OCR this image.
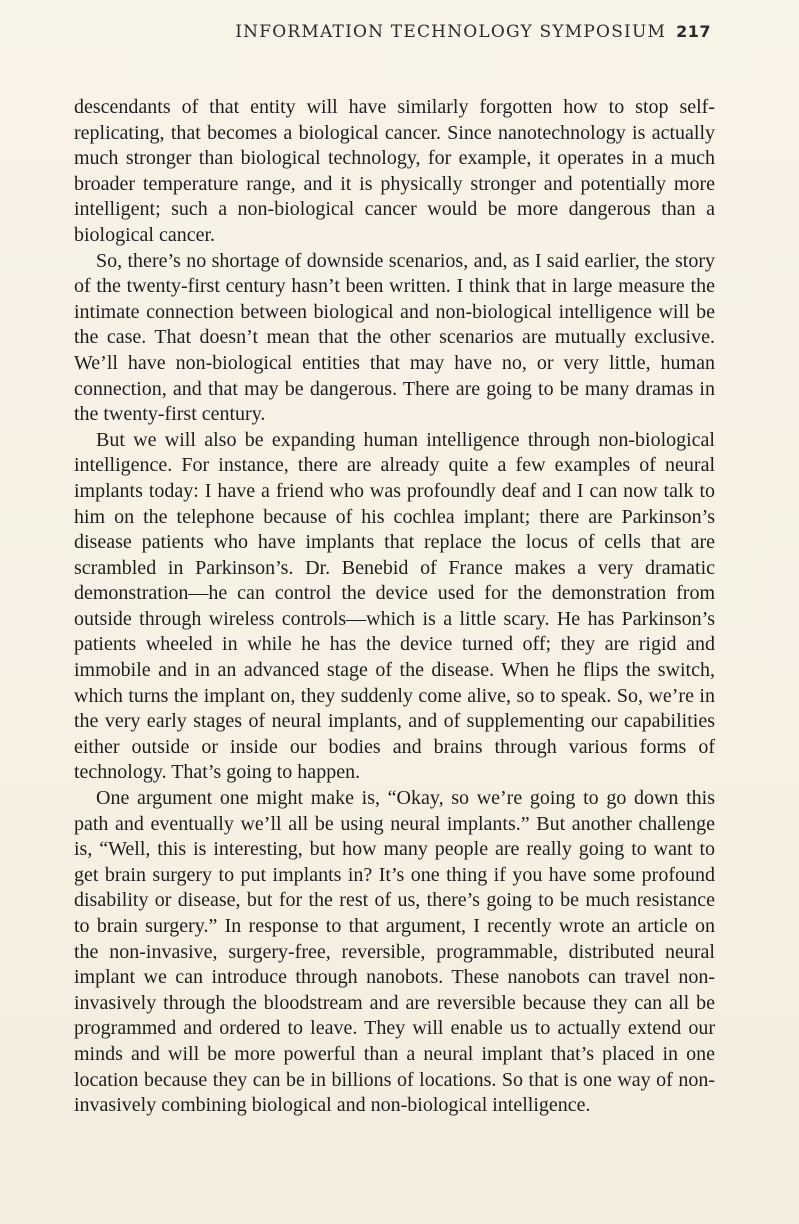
INFORMATION TECHNOLOGY SYMPOSIUM 217

descendants of that entity will have similarly forgotten how to stop self-replicating, that becomes a biological cancer. Since nanotechnology is actually much stronger than biological technology, for example, it operates in a much broader temperature range, and it is physically stronger and potentially more intelligent; such a non-biological cancer would be more dangerous than a biological cancer.

So, there’s no shortage of downside scenarios, and, as I said earlier, the story of the twenty-first century hasn’t been written. I think that in large measure the intimate connection between biological and non-biological intelligence will be the case. That doesn’t mean that the other scenarios are mutually exclusive. We’ll have non-biological entities that may have no, or very little, human connection, and that may be dangerous. There are going to be many dramas in the twenty-first century.

But we will also be expanding human intelligence through non-biological intelligence. For instance, there are already quite a few examples of neural implants today: I have a friend who was profoundly deaf and I can now talk to him on the telephone because of his cochlea implant; there are Parkinson’s disease patients who have implants that replace the locus of cells that are scrambled in Parkinson’s. Dr. Benebid of France makes a very dramatic demonstration—he can control the device used for the demonstration from outside through wireless controls—which is a little scary. He has Parkinson’s patients wheeled in while he has the device turned off; they are rigid and immobile and in an advanced stage of the disease. When he flips the switch, which turns the implant on, they suddenly come alive, so to speak. So, we’re in the very early stages of neural implants, and of supplementing our capabilities either outside or inside our bodies and brains through various forms of technology. That’s going to happen.

One argument one might make is, “Okay, so we’re going to go down this path and eventually we’ll all be using neural implants.” But another challenge is, “Well, this is interesting, but how many people are really going to want to get brain surgery to put implants in? It’s one thing if you have some profound disability or disease, but for the rest of us, there’s going to be much resistance to brain surgery.” In response to that argument, I recently wrote an article on the non-invasive, surgery-free, reversible, programmable, distributed neural implant we can introduce through nanobots. These nanobots can travel non-invasively through the bloodstream and are reversible because they can all be programmed and ordered to leave. They will enable us to actually extend our minds and will be more powerful than a neural implant that’s placed in one location because they can be in billions of locations. So that is one way of non-invasively combining biological and non-biological intelligence.
